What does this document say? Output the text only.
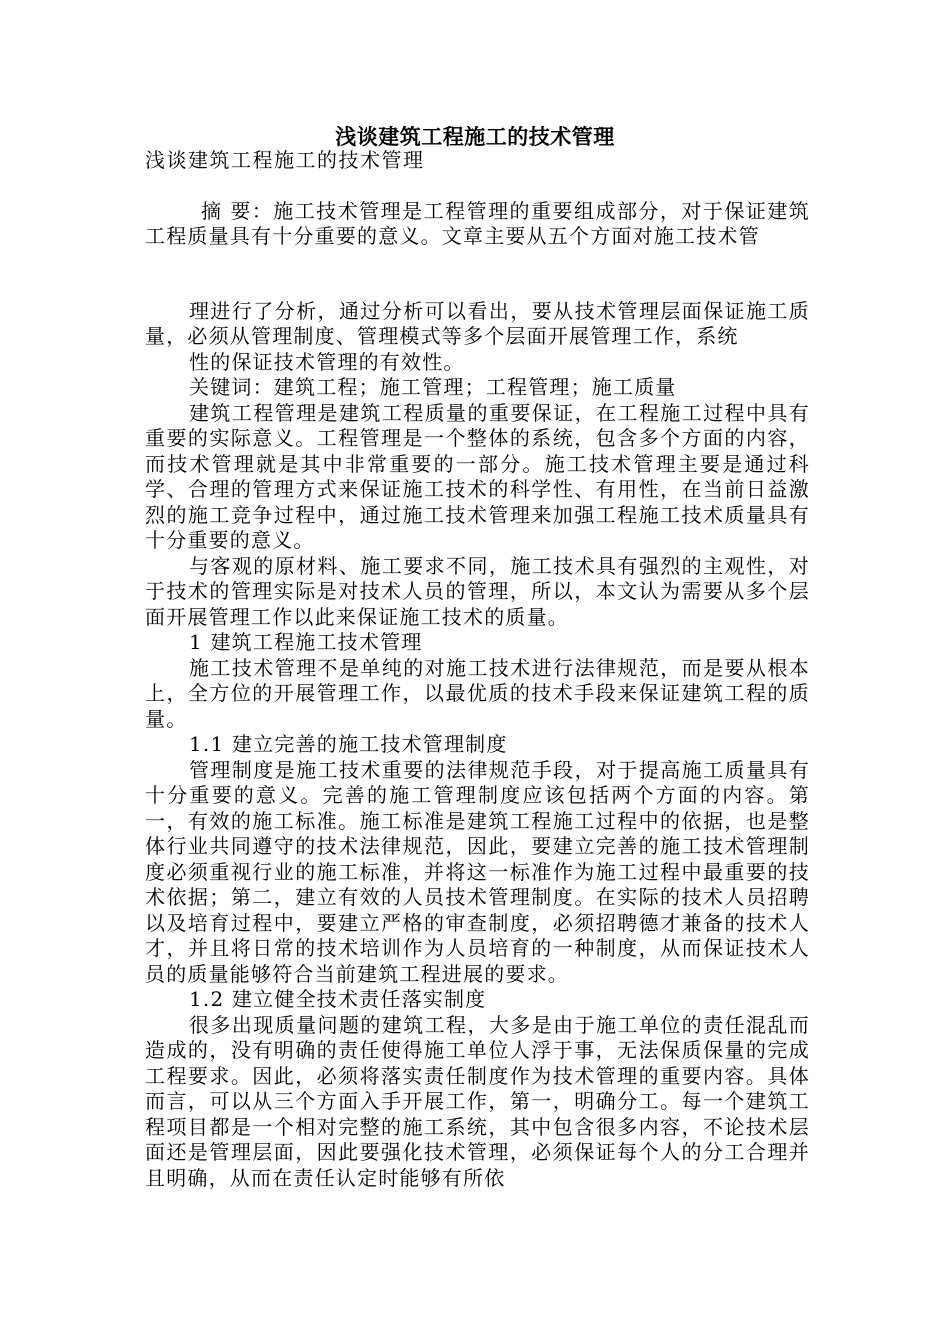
浅谈建筑工程施工的技术管理

浅谈建筑工程施工的技术管理

摘 要：施工技术管理是工程管理的重要组成部分，对于保证建筑工程质量具有十分重要的意义。文章主要从五个方面对施工技术管

理进行了分析，通过分析可以看出，要从技术管理层面保证施工质量，必须从管理制度、管理模式等多个层面开展管理工作，系统

性的保证技术管理的有效性。

关键词：建筑工程；施工管理；工程管理；施工质量

建筑工程管理是建筑工程质量的重要保证，在工程施工过程中具有重要的实际意义。工程管理是一个整体的系统，包含多个方面的内容，而技术管理就是其中非常重要的一部分。施工技术管理主要是通过科学、合理的管理方式来保证施工技术的科学性、有用性，在当前日益激烈的施工竞争过程中，通过施工技术管理来加强工程施工技术质量具有十分重要的意义。

与客观的原材料、施工要求不同，施工技术具有强烈的主观性，对于技术的管理实际是对技术人员的管理，所以，本文认为需要从多个层面开展管理工作以此来保证施工技术的质量。

1 建筑工程施工技术管理

施工技术管理不是单纯的对施工技术进行法律规范，而是要从根本上，全方位的开展管理工作，以最优质的技术手段来保证建筑工程的质量。

1.1 建立完善的施工技术管理制度

管理制度是施工技术重要的法律规范手段，对于提高施工质量具有十分重要的意义。完善的施工管理制度应该包括两个方面的内容。第一，有效的施工标准。施工标准是建筑工程施工过程中的依据，也是整体行业共同遵守的技术法律规范，因此，要建立完善的施工技术管理制度必须重视行业的施工标准，并将这一标准作为施工过程中最重要的技术依据；第二，建立有效的人员技术管理制度。在实际的技术人员招聘以及培育过程中，要建立严格的审查制度，必须招聘德才兼备的技术人才，并且将日常的技术培训作为人员培育的一种制度，从而保证技术人员的质量能够符合当前建筑工程进展的要求。

1.2 建立健全技术责任落实制度

很多出现质量问题的建筑工程，大多是由于施工单位的责任混乱而造成的，没有明确的责任使得施工单位人浮于事，无法保质保量的完成工程要求。因此，必须将落实责任制度作为技术管理的重要内容。具体而言，可以从三个方面入手开展工作，第一，明确分工。每一个建筑工程项目都是一个相对完整的施工系统，其中包含很多内容，不论技术层面还是管理层面，因此要强化技术管理，必须保证每个人的分工合理并且明确，从而在责任认定时能够有所依
